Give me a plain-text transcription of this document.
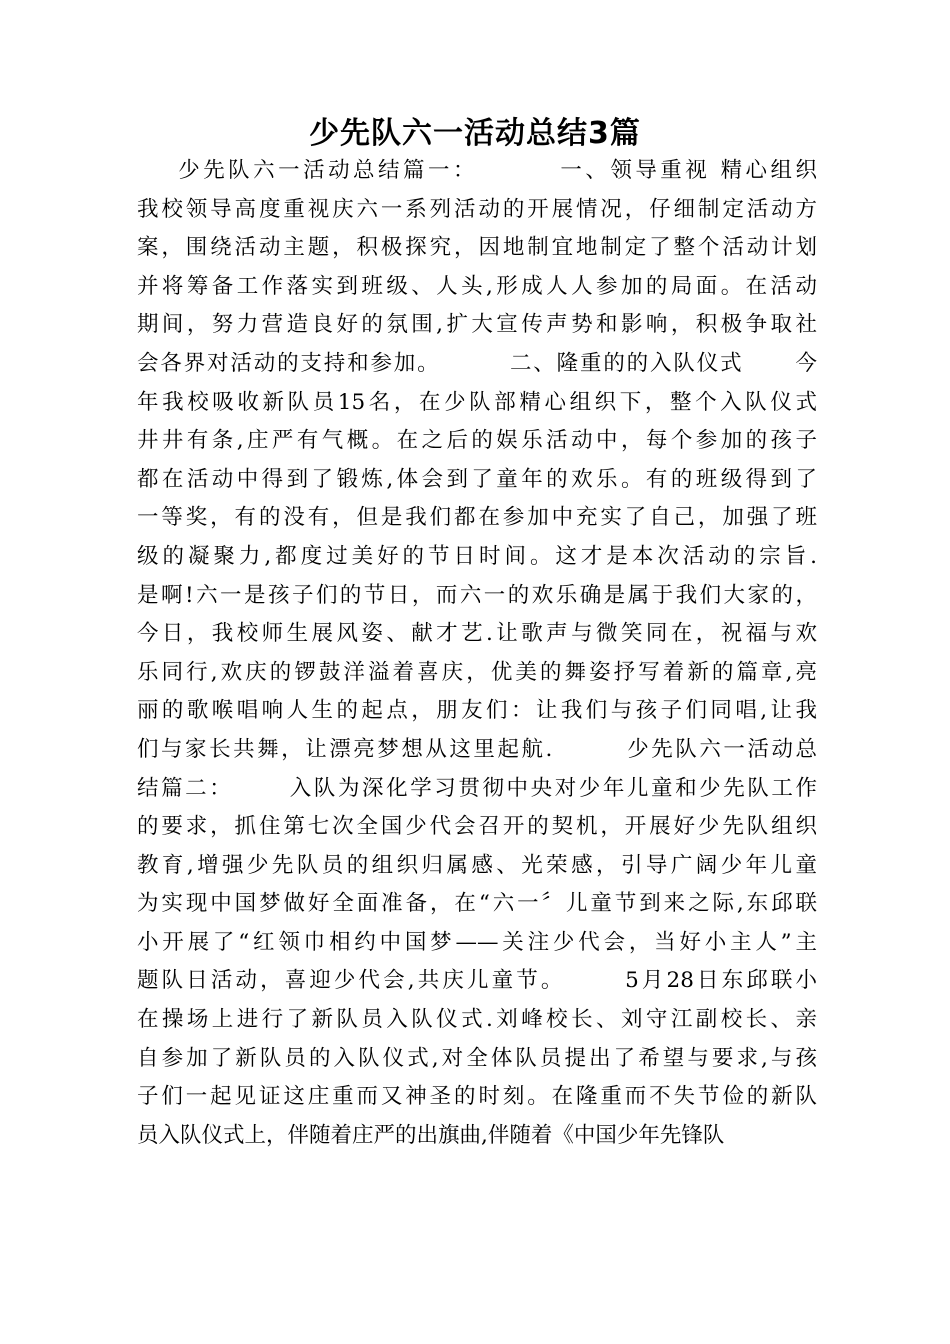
少先队六一活动总结3篇
少先队六一活动总结篇一：        一、领导重视 精心组织
我校领导高度重视庆六一系列活动的开展情况，仔细制定活动方
案，围绕活动主题，积极探究，因地制宜地制定了整个活动计划
并将筹备工作落实到班级、人头,形成人人参加的局面。在活动
期间，努力营造良好的氛围,扩大宣传声势和影响，积极争取社
会各界对活动的支持和参加。        二、隆重的的入队仪式      今
年我校吸收新队员15名，在少队部精心组织下，整个入队仪式
井井有条,庄严有气概。在之后的娱乐活动中，每个参加的孩子
都在活动中得到了锻炼,体会到了童年的欢乐。有的班级得到了
一等奖，有的没有，但是我们都在参加中充实了自己，加强了班
级的凝聚力,都度过美好的节日时间。这才是本次活动的宗旨.
是啊!六一是孩子们的节日，而六一的欢乐确是属于我们大家的，
今日，我校师生展风姿、献才艺.让歌声与微笑同在，祝福与欢
乐同行,欢庆的锣鼓洋溢着喜庆，优美的舞姿抒写着新的篇章,亮
丽的歌喉唱响人生的起点，朋友们：让我们与孩子们同唱,让我
们与家长共舞，让漂亮梦想从这里起航.        少先队六一活动总
结篇二：      入队为深化学习贯彻中央对少年儿童和少先队工作
的要求，抓住第七次全国少代会召开的契机，开展好少先队组织
教育,增强少先队员的组织归属感、光荣感，引导广阔少年儿童
为实现中国梦做好全面准备，在“六一〞儿童节到来之际,东邱联
小开展了“红领巾相约中国梦——关注少代会，当好小主人”主
题队日活动，喜迎少代会,共庆儿童节。      5月28日东邱联小
在操场上进行了新队员入队仪式.刘峰校长、刘守江副校长、亲
自参加了新队员的入队仪式,对全体队员提出了希望与要求,与孩
子们一起见证这庄重而又神圣的时刻。在隆重而不失节俭的新队
员入队仪式上，伴随着庄严的出旗曲,伴随着《中国少年先锋队
